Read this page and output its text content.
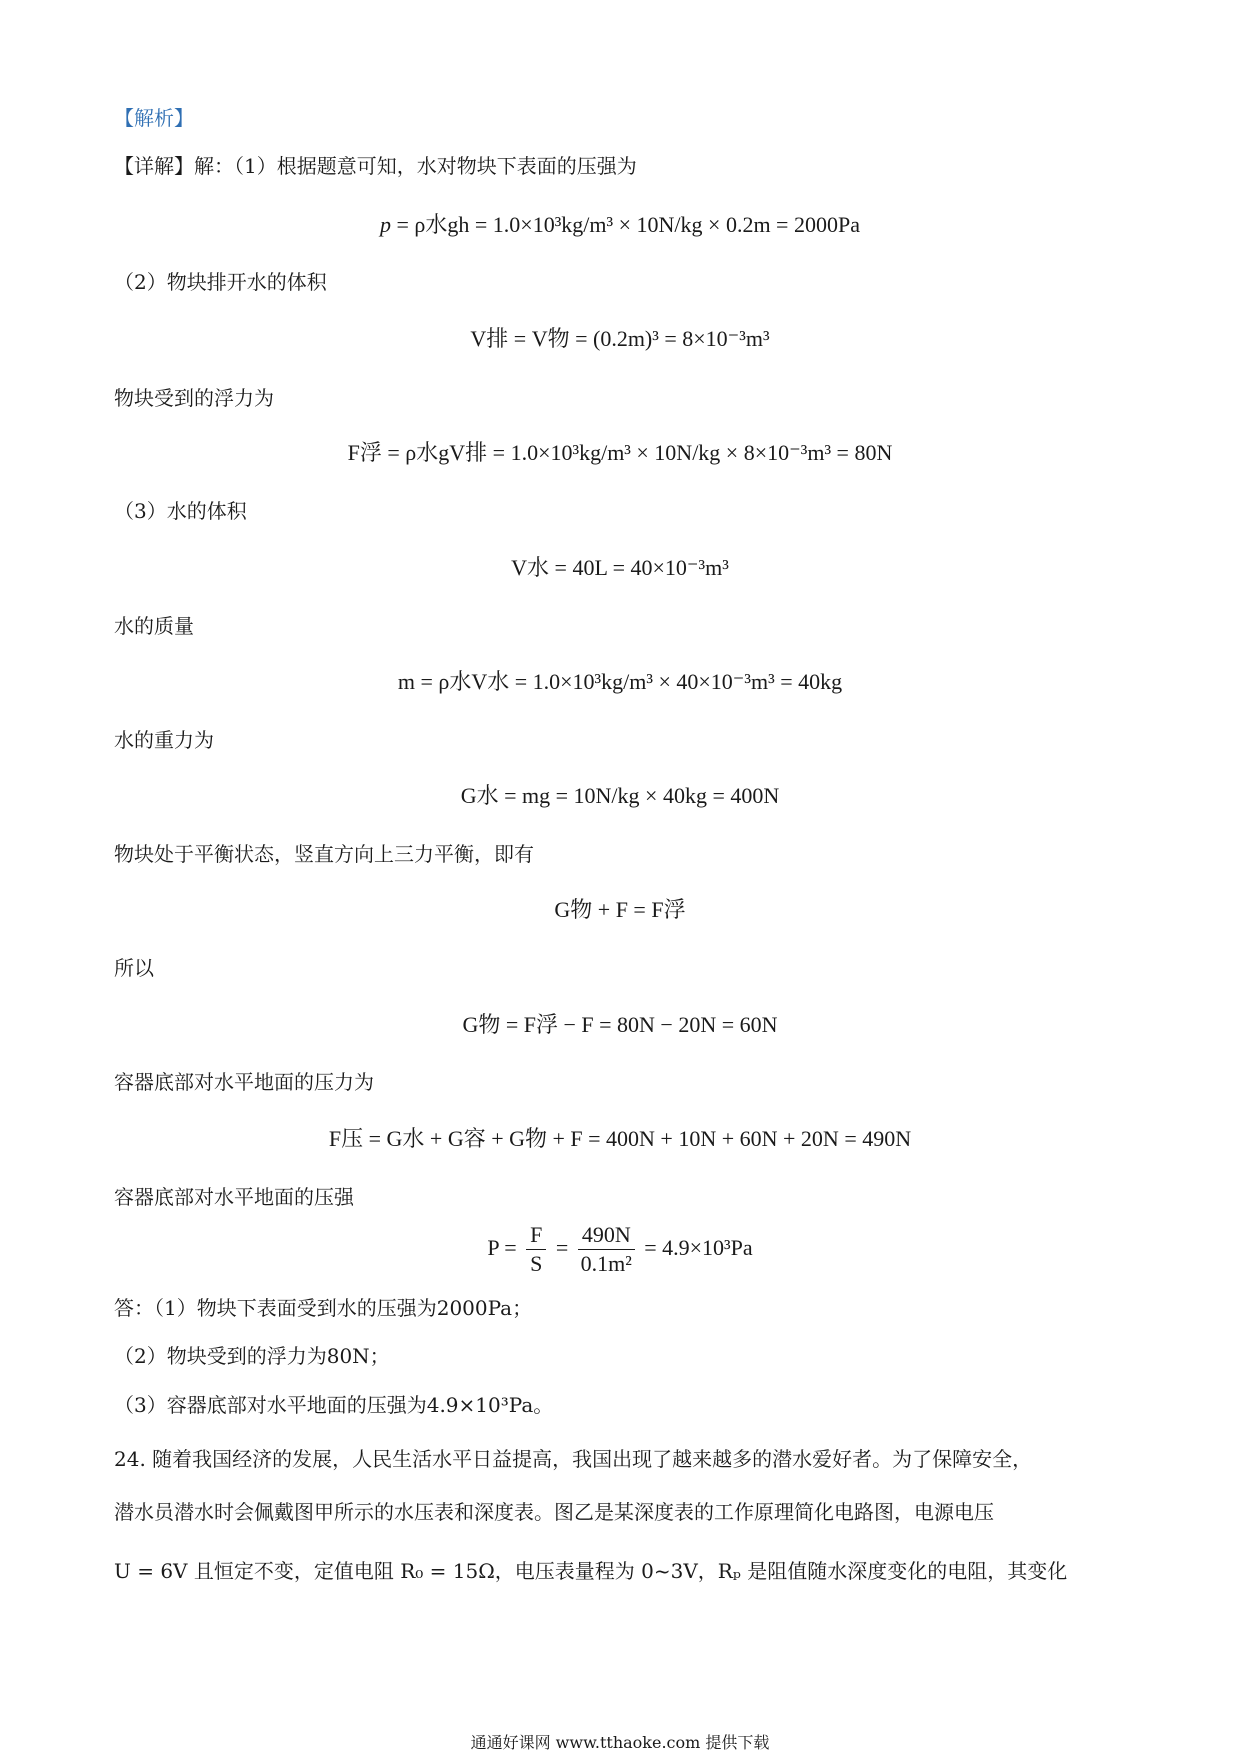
【解析】
【详解】解：（1）根据题意可知，水对物块下表面的压强为
p = ρ水gh = 1.0×10³kg/m³ × 10N/kg × 0.2m = 2000Pa
（2）物块排开水的体积
V排 = V物 = (0.2m)³ = 8×10⁻³m³
物块受到的浮力为
F浮 = ρ水gV排 = 1.0×10³kg/m³ × 10N/kg × 8×10⁻³m³ = 80N
（3）水的体积
V水 = 40L = 40×10⁻³m³
水的质量
m = ρ水V水 = 1.0×10³kg/m³ × 40×10⁻³m³ = 40kg
水的重力为
G水 = mg = 10N/kg × 40kg = 400N
物块处于平衡状态，竖直方向上三力平衡，即有
G物 + F = F浮
所以
G物 = F浮 − F = 80N − 20N = 60N
容器底部对水平地面的压力为
F压 = G水 + G容 + G物 + F = 400N + 10N + 60N + 20N = 490N
容器底部对水平地面的压强
$P = \frac{F}{S} = \frac{490N}{\text{0.1m²}} = 4.9\times 10^3Pa$
答：（1）物块下表面受到水的压强为2000Pa；
（2）物块受到的浮力为80N；
（3）容器底部对水平地面的压强为4.9×10³Pa。
24. 随着我国经济的发展，人民生活水平日益提高，我国出现了越来越多的潜水爱好者。为了保障安全，
潜水员潜水时会佩戴图甲所示的水压表和深度表。图乙是某深度表的工作原理简化电路图，电源电压
U = 6V 且恒定不变，定值电阻 R₀ = 15Ω，电压表量程为 0~3V，Rₚ 是阻值随水深度变化的电阻，其变化
通通好课网 www.tthaoke.com 提供下载
